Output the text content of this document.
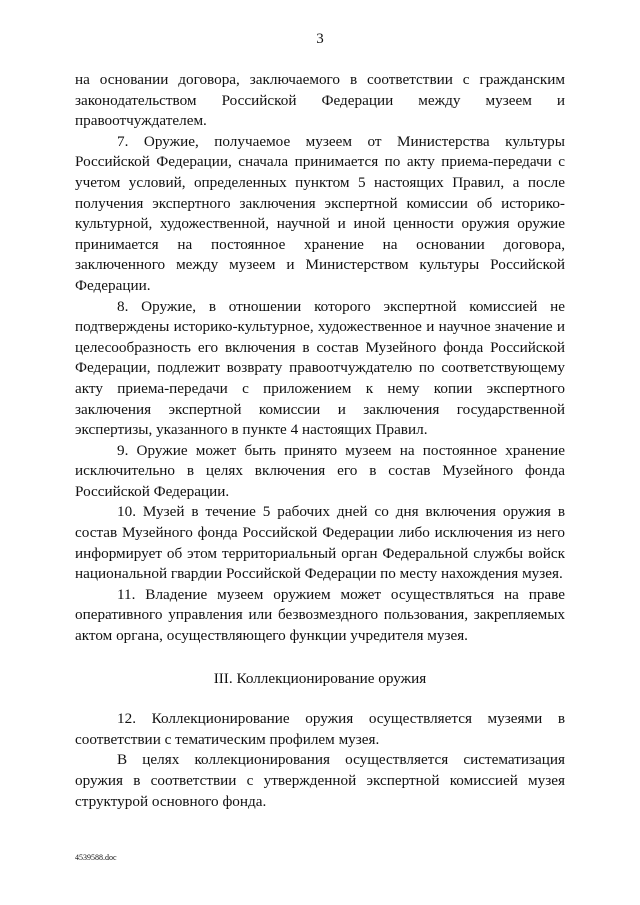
3

на основании договора, заключаемого в соответствии с гражданским законодательством Российской Федерации между музеем и правоотчуждателем.

7. Оружие, получаемое музеем от Министерства культуры Российской Федерации, сначала принимается по акту приема-передачи с учетом условий, определенных пунктом 5 настоящих Правил, а после получения экспертного заключения экспертной комиссии об историко-культурной, художественной, научной и иной ценности оружия оружие принимается на постоянное хранение на основании договора, заключенного между музеем и Министерством культуры Российской Федерации.

8. Оружие, в отношении которого экспертной комиссией не подтверждены историко-культурное, художественное и научное значение и целесообразность его включения в состав Музейного фонда Российской Федерации, подлежит возврату правоотчуждателю по соответствующему акту приема-передачи с приложением к нему копии экспертного заключения экспертной комиссии и заключения государственной экспертизы, указанного в пункте 4 настоящих Правил.

9. Оружие может быть принято музеем на постоянное хранение исключительно в целях включения его в состав Музейного фонда Российской Федерации.

10. Музей в течение 5 рабочих дней со дня включения оружия в состав Музейного фонда Российской Федерации либо исключения из него информирует об этом территориальный орган Федеральной службы войск национальной гвардии Российской Федерации по месту нахождения музея.

11. Владение музеем оружием может осуществляться на праве оперативного управления или безвозмездного пользования, закрепляемых актом органа, осуществляющего функции учредителя музея.

III. Коллекционирование оружия

12. Коллекционирование оружия осуществляется музеями в соответствии с тематическим профилем музея.

В целях коллекционирования осуществляется систематизация оружия в соответствии с утвержденной экспертной комиссией музея структурой основного фонда.

4539588.doc
